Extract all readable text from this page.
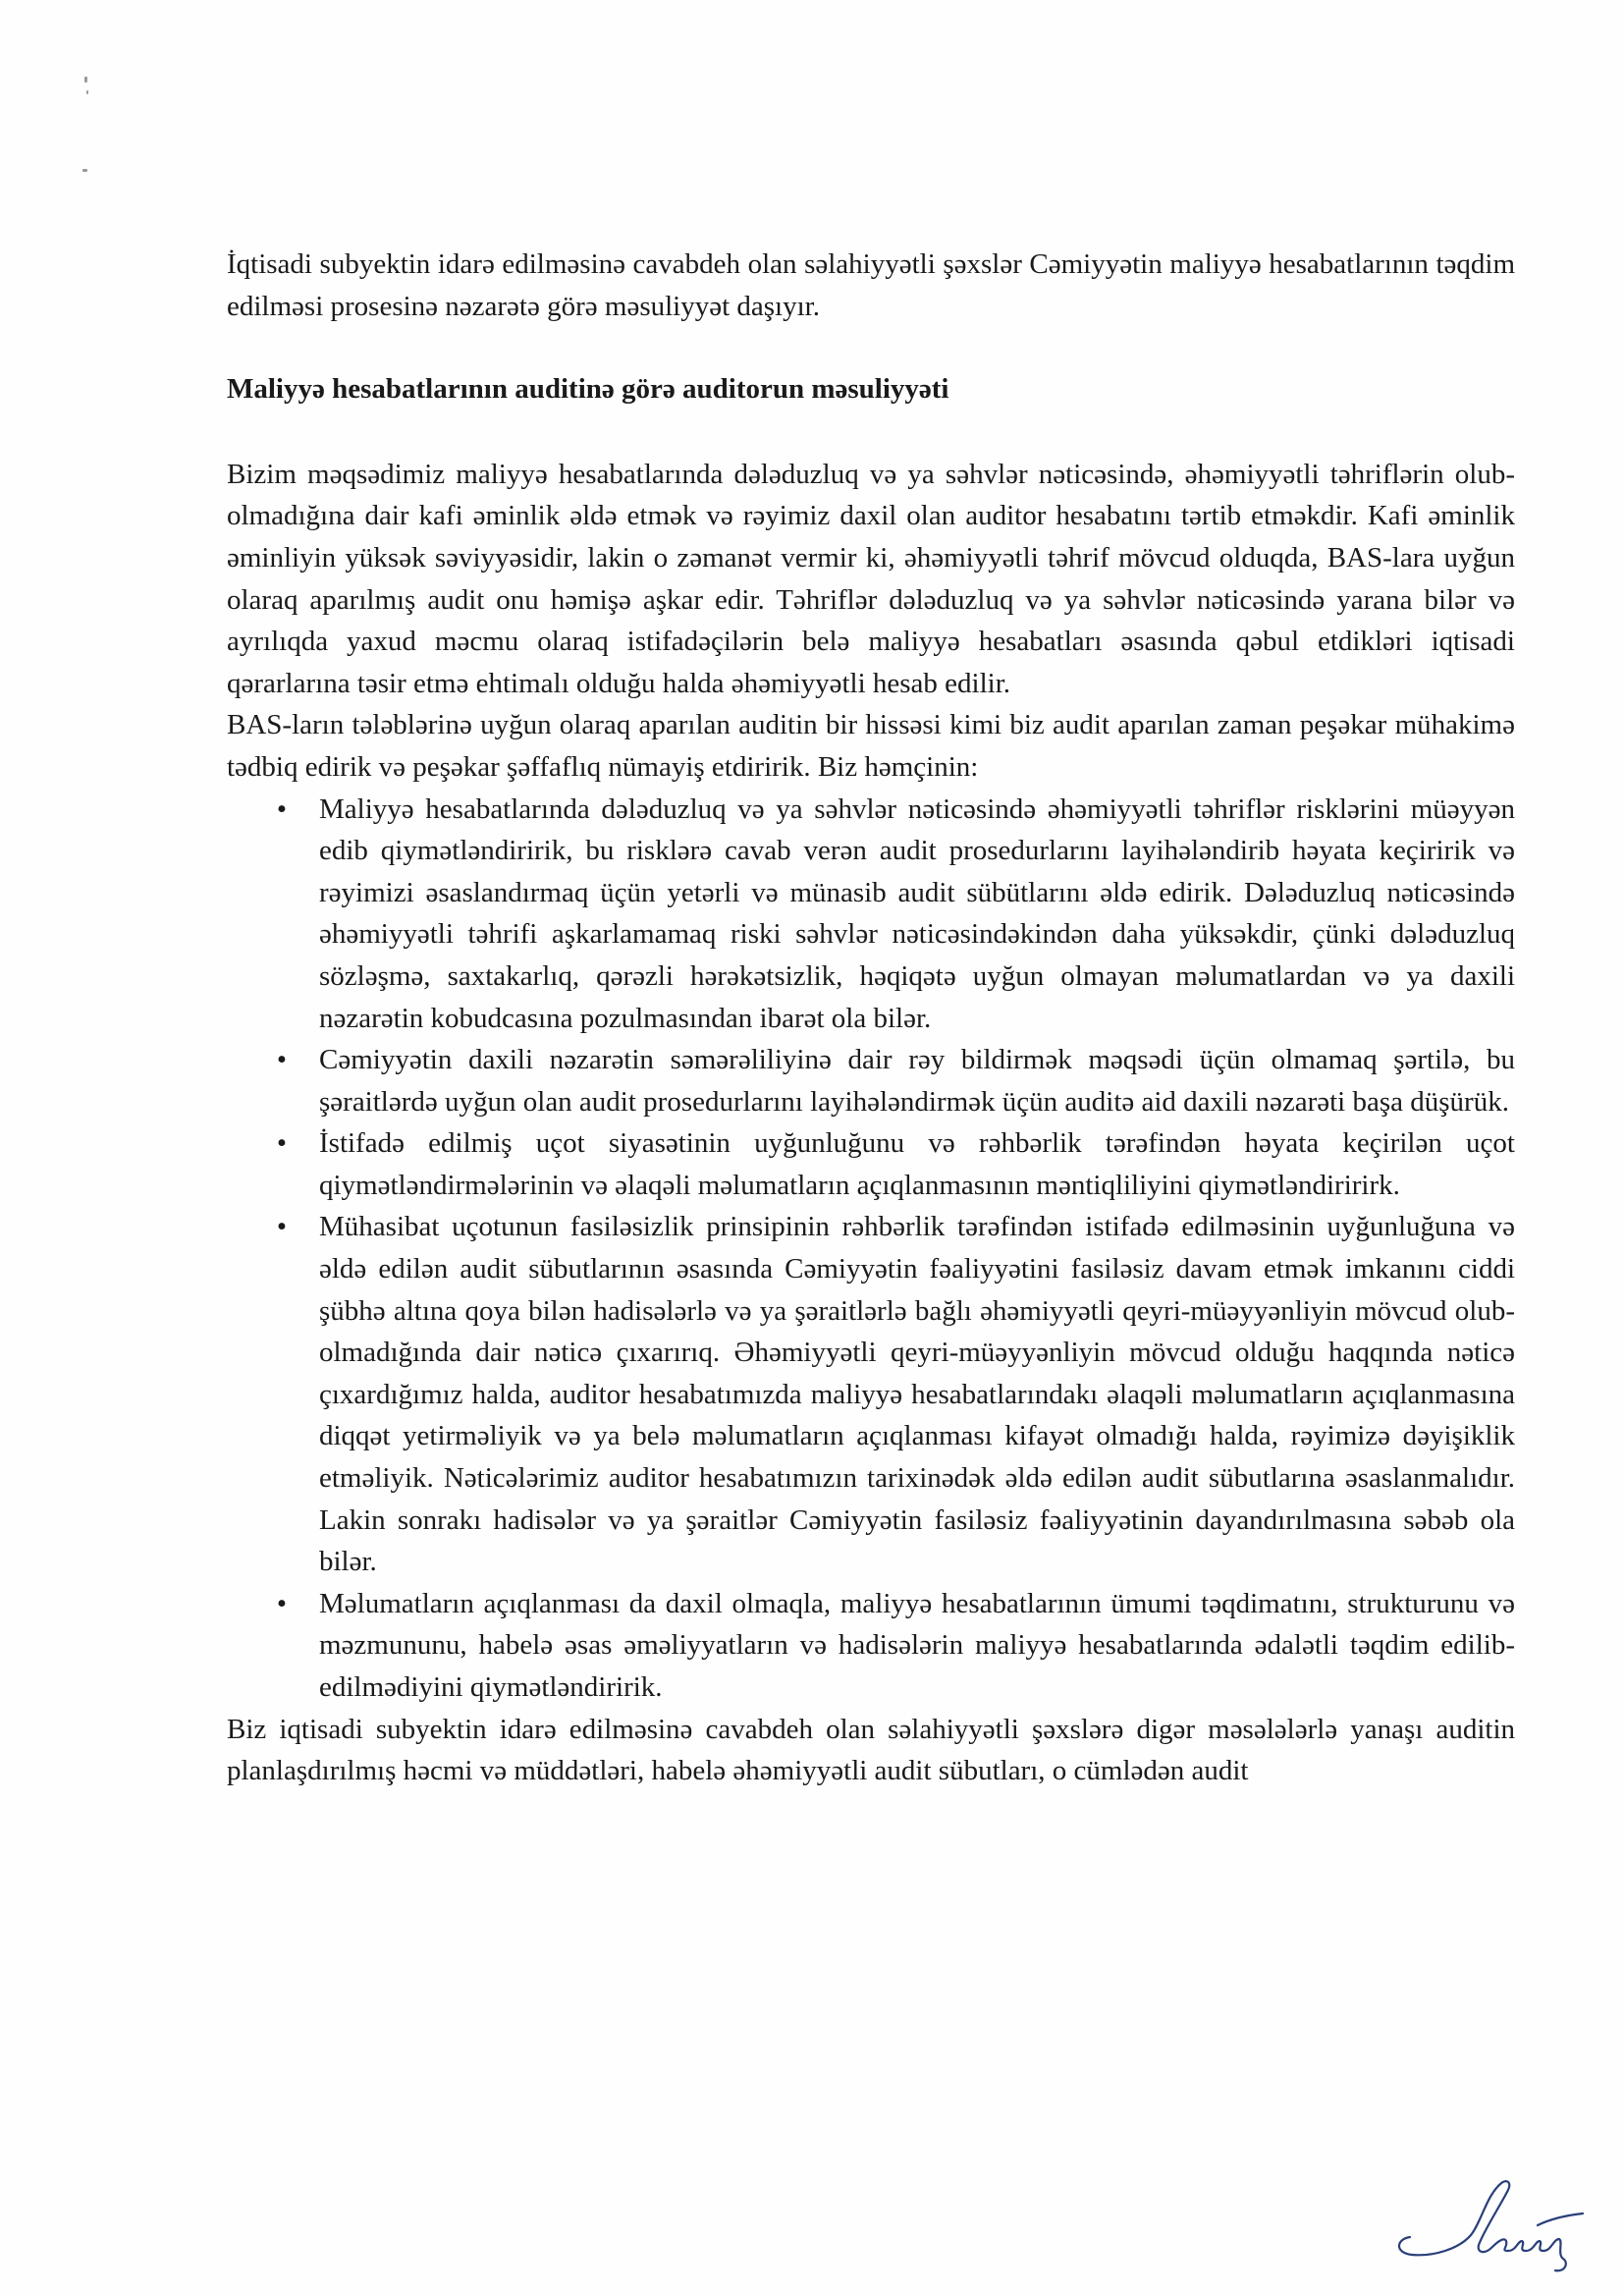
İqtisadi subyektin idarə edilməsinə cavabdeh olan səlahiyyətli şəxslər Cəmiyyətin maliyyə hesabatlarının təqdim edilməsi prosesinə nəzarətə görə məsuliyyət daşıyır.

Maliyyə hesabatlarının auditinə görə auditorun məsuliyyəti

Bizim məqsədimiz maliyyə hesabatlarında dələduzluq və ya səhvlər nəticəsində, əhəmiyyətli təhriflərin olub-olmadığına dair kafi əminlik əldə etmək və rəyimiz daxil olan auditor hesabatını tərtib etməkdir. Kafi əminlik əminliyin yüksək səviyyəsidir, lakin o zəmanət vermir ki, əhəmiyyətli təhrif mövcud olduqda, BAS-lara uyğun olaraq aparılmış audit onu həmişə aşkar edir. Təhriflər dələduzluq və ya səhvlər nəticəsində yarana bilər və ayrılıqda yaxud məcmu olaraq istifadəçilərin belə maliyyə hesabatları əsasında qəbul etdikləri iqtisadi qərarlarına təsir etmə ehtimalı olduğu halda əhəmiyyətli hesab edilir.

BAS-ların tələblərinə uyğun olaraq aparılan auditin bir hissəsi kimi biz audit aparılan zaman peşəkar mühakimə tədbiq edirik və peşəkar şəffaflıq nümayiş etdiririk. Biz həmçinin:

• Maliyyə hesabatlarında dələduzluq və ya səhvlər nəticəsində əhəmiyyətli təhriflər risklərini müəyyən edib qiymətləndiririk, bu risklərə cavab verən audit prosedurlarını layihələndirib həyata keçiririk və rəyimizi əsaslandırmaq üçün yetərli və münasib audit sübütlarını əldə edirik. Dələduzluq nəticəsində əhəmiyyətli təhrifi aşkarlamamaq riski səhvlər nəticəsindəkindən daha yüksəkdir, çünki dələduzluq sözləşmə, saxtakarlıq, qərəzli hərəkətsizlik, həqiqətə uyğun olmayan məlumatlardan və ya daxili nəzarətin kobudcasına pozulmasından ibarət ola bilər.
• Cəmiyyətin daxili nəzarətin səmərəliliyinə dair rəy bildirmək məqsədi üçün olmamaq şərtilə, bu şəraitlərdə uyğun olan audit prosedurlarını layihələndirmək üçün auditə aid daxili nəzarəti başa düşürük.
• İstifadə edilmiş uçot siyasətinin uyğunluğunu və rəhbərlik tərəfindən həyata keçirilən uçot qiymətləndirmələrinin və əlaqəli məlumatların açıqlanmasının məntiqliliyini qiymətləndiririrk.
• Mühasibat uçotunun fasiləsizlik prinsipinin rəhbərlik tərəfindən istifadə edilməsinin uyğunluğuna və əldə edilən audit sübutlarının əsasında Cəmiyyətin fəaliyyətini fasiləsiz davam etmək imkanını ciddi şübhə altına qoya bilən hadisələrlə və ya şəraitlərlə bağlı əhəmiyyətli qeyri-müəyyənliyin mövcud olub-olmadığında dair nəticə çıxarırıq. Əhəmiyyətli qeyri-müəyyənliyin mövcud olduğu haqqında nəticə çıxardığımız halda, auditor hesabatımızda maliyyə hesabatlarındakı əlaqəli məlumatların açıqlanmasına diqqət yetirməliyik və ya belə məlumatların açıqlanması kifayət olmadığı halda, rəyimizə dəyişiklik etməliyik. Nəticələrimiz auditor hesabatımızın tarixinədək əldə edilən audit sübutlarına əsaslanmalıdır. Lakin sonrakı hadisələr və ya şəraitlər Cəmiyyətin fasiləsiz fəaliyyətinin dayandırılmasına səbəb ola bilər.
• Məlumatların açıqlanması da daxil olmaqla, maliyyə hesabatlarının ümumi təqdimatını, strukturunu və məzmununu, habelə əsas əməliyyatların və hadisələrin maliyyə hesabatlarında ədalətli təqdim edilib-edilmədiyini qiymətləndiririk.

Biz iqtisadi subyektin idarə edilməsinə cavabdeh olan səlahiyyətli şəxslərə digər məsələlərlə yanaşı auditin planlaşdırılmış həcmi və müddətləri, habelə əhəmiyyətli audit sübutları, o cümlədən audit
